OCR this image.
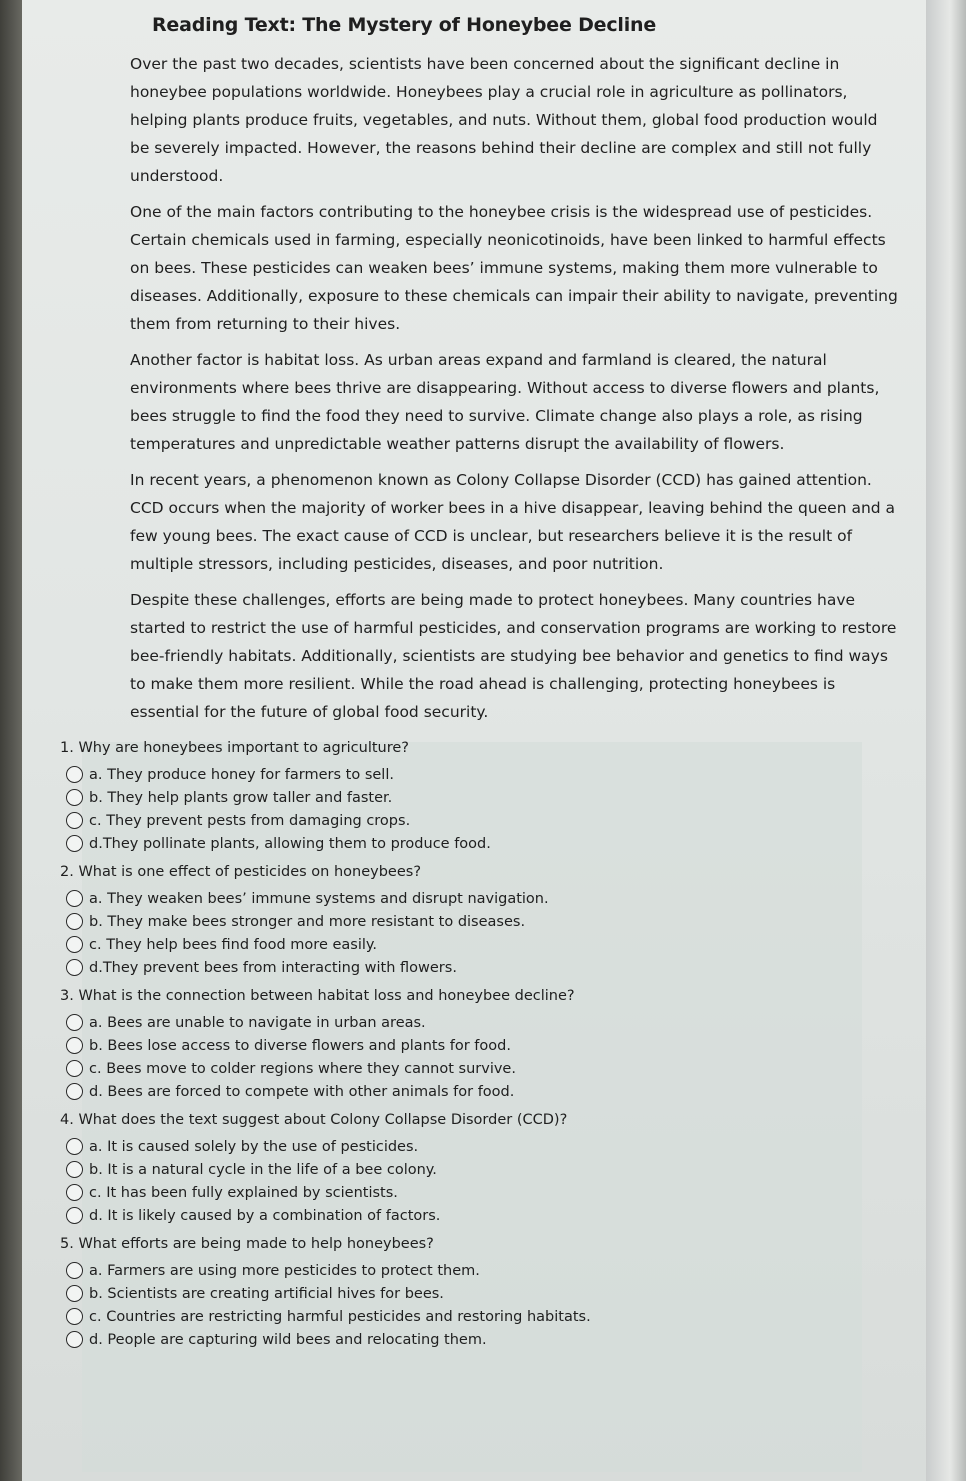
Reading Text: The Mystery of Honeybee Decline

Over the past two decades, scientists have been concerned about the significant decline in honeybee populations worldwide. Honeybees play a crucial role in agriculture as pollinators, helping plants produce fruits, vegetables, and nuts. Without them, global food production would be severely impacted. However, the reasons behind their decline are complex and still not fully understood.

One of the main factors contributing to the honeybee crisis is the widespread use of pesticides. Certain chemicals used in farming, especially neonicotinoids, have been linked to harmful effects on bees. These pesticides can weaken bees’ immune systems, making them more vulnerable to diseases. Additionally, exposure to these chemicals can impair their ability to navigate, preventing them from returning to their hives.

Another factor is habitat loss. As urban areas expand and farmland is cleared, the natural environments where bees thrive are disappearing. Without access to diverse flowers and plants, bees struggle to find the food they need to survive. Climate change also plays a role, as rising temperatures and unpredictable weather patterns disrupt the availability of flowers.

In recent years, a phenomenon known as Colony Collapse Disorder (CCD) has gained attention. CCD occurs when the majority of worker bees in a hive disappear, leaving behind the queen and a few young bees. The exact cause of CCD is unclear, but researchers believe it is the result of multiple stressors, including pesticides, diseases, and poor nutrition.

Despite these challenges, efforts are being made to protect honeybees. Many countries have started to restrict the use of harmful pesticides, and conservation programs are working to restore bee-friendly habitats. Additionally, scientists are studying bee behavior and genetics to find ways to make them more resilient. While the road ahead is challenging, protecting honeybees is essential for the future of global food security.

1. Why are honeybees important to agriculture?
a. They produce honey for farmers to sell.
b. They help plants grow taller and faster.
c. They prevent pests from damaging crops.
d.They pollinate plants, allowing them to produce food.
2. What is one effect of pesticides on honeybees?
a. They weaken bees’ immune systems and disrupt navigation.
b. They make bees stronger and more resistant to diseases.
c. They help bees find food more easily.
d.They prevent bees from interacting with flowers.
3. What is the connection between habitat loss and honeybee decline?
a. Bees are unable to navigate in urban areas.
b. Bees lose access to diverse flowers and plants for food.
c. Bees move to colder regions where they cannot survive.
d. Bees are forced to compete with other animals for food.
4. What does the text suggest about Colony Collapse Disorder (CCD)?
a. It is caused solely by the use of pesticides.
b. It is a natural cycle in the life of a bee colony.
c. It has been fully explained by scientists.
d. It is likely caused by a combination of factors.
5. What efforts are being made to help honeybees?
a. Farmers are using more pesticides to protect them.
b. Scientists are creating artificial hives for bees.
c. Countries are restricting harmful pesticides and restoring habitats.
d. People are capturing wild bees and relocating them.
